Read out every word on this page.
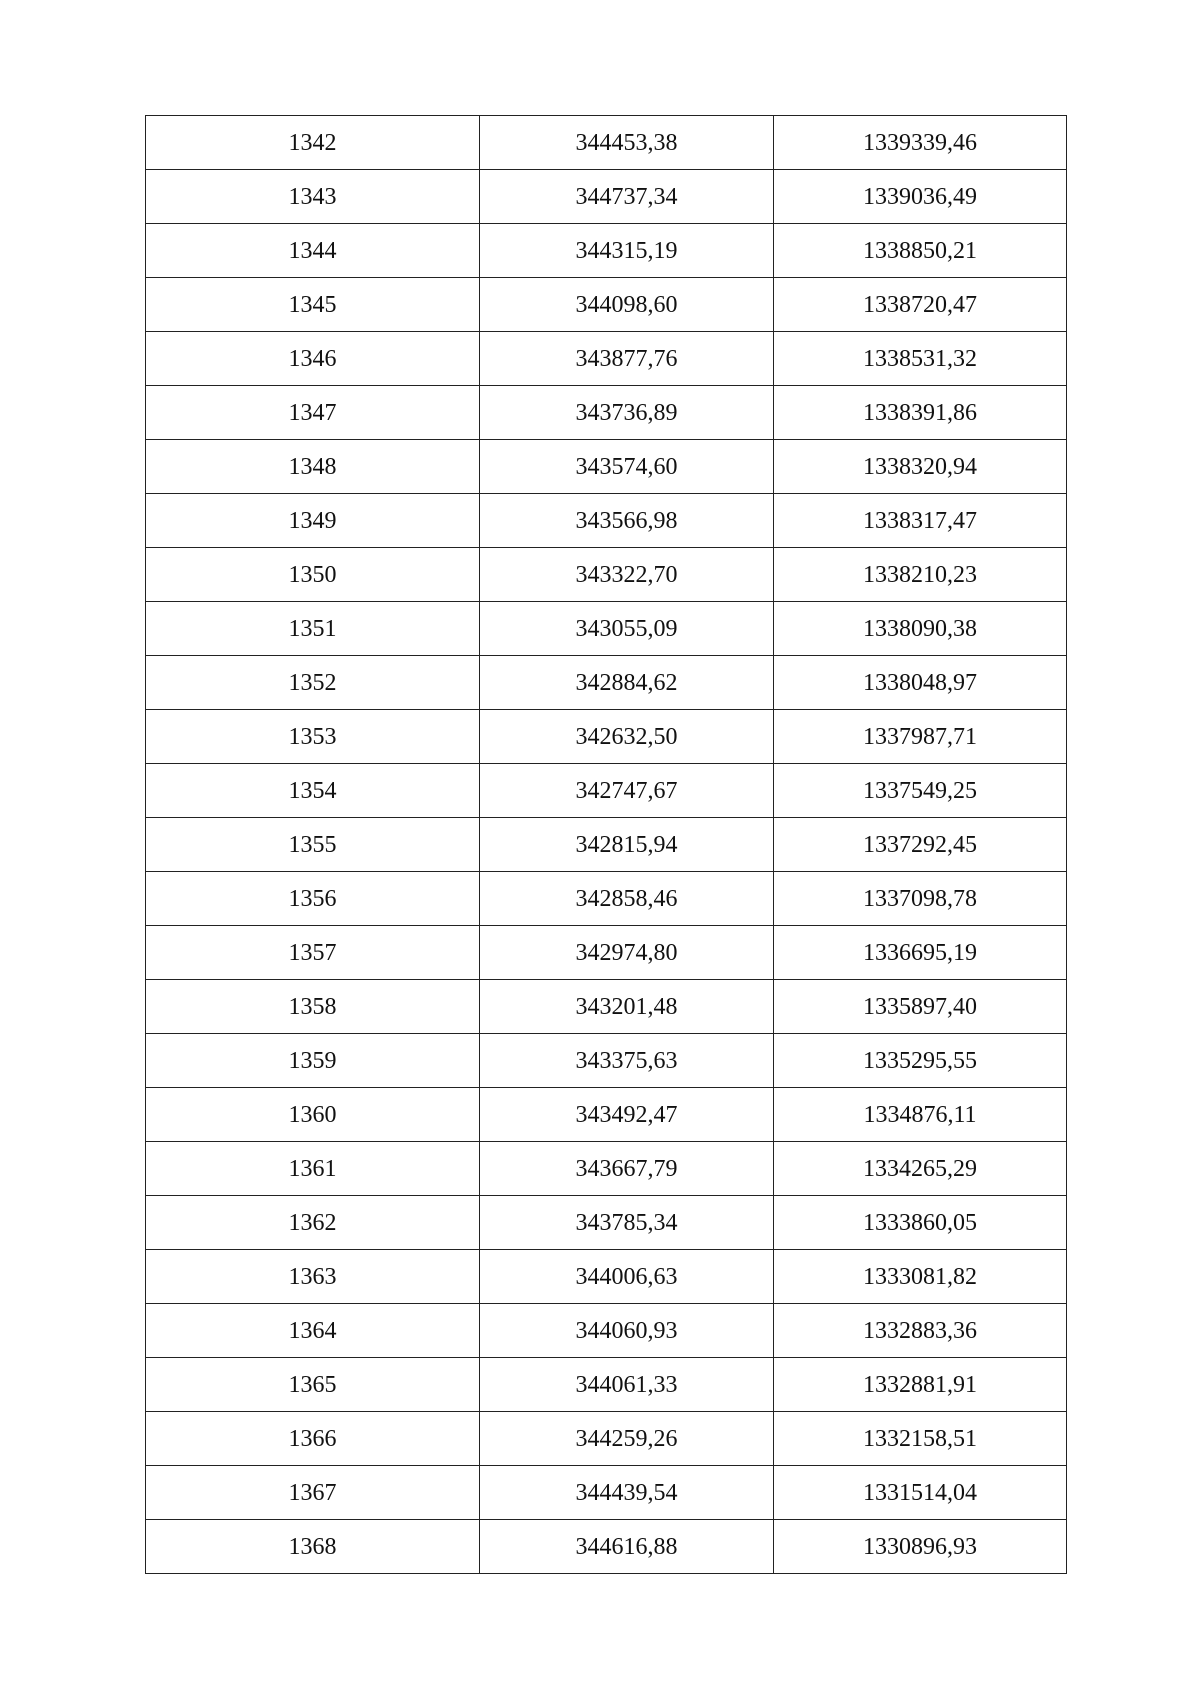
1342	344453,38	1339339,46
1343	344737,34	1339036,49
1344	344315,19	1338850,21
1345	344098,60	1338720,47
1346	343877,76	1338531,32
1347	343736,89	1338391,86
1348	343574,60	1338320,94
1349	343566,98	1338317,47
1350	343322,70	1338210,23
1351	343055,09	1338090,38
1352	342884,62	1338048,97
1353	342632,50	1337987,71
1354	342747,67	1337549,25
1355	342815,94	1337292,45
1356	342858,46	1337098,78
1357	342974,80	1336695,19
1358	343201,48	1335897,40
1359	343375,63	1335295,55
1360	343492,47	1334876,11
1361	343667,79	1334265,29
1362	343785,34	1333860,05
1363	344006,63	1333081,82
1364	344060,93	1332883,36
1365	344061,33	1332881,91
1366	344259,26	1332158,51
1367	344439,54	1331514,04
1368	344616,88	1330896,93
